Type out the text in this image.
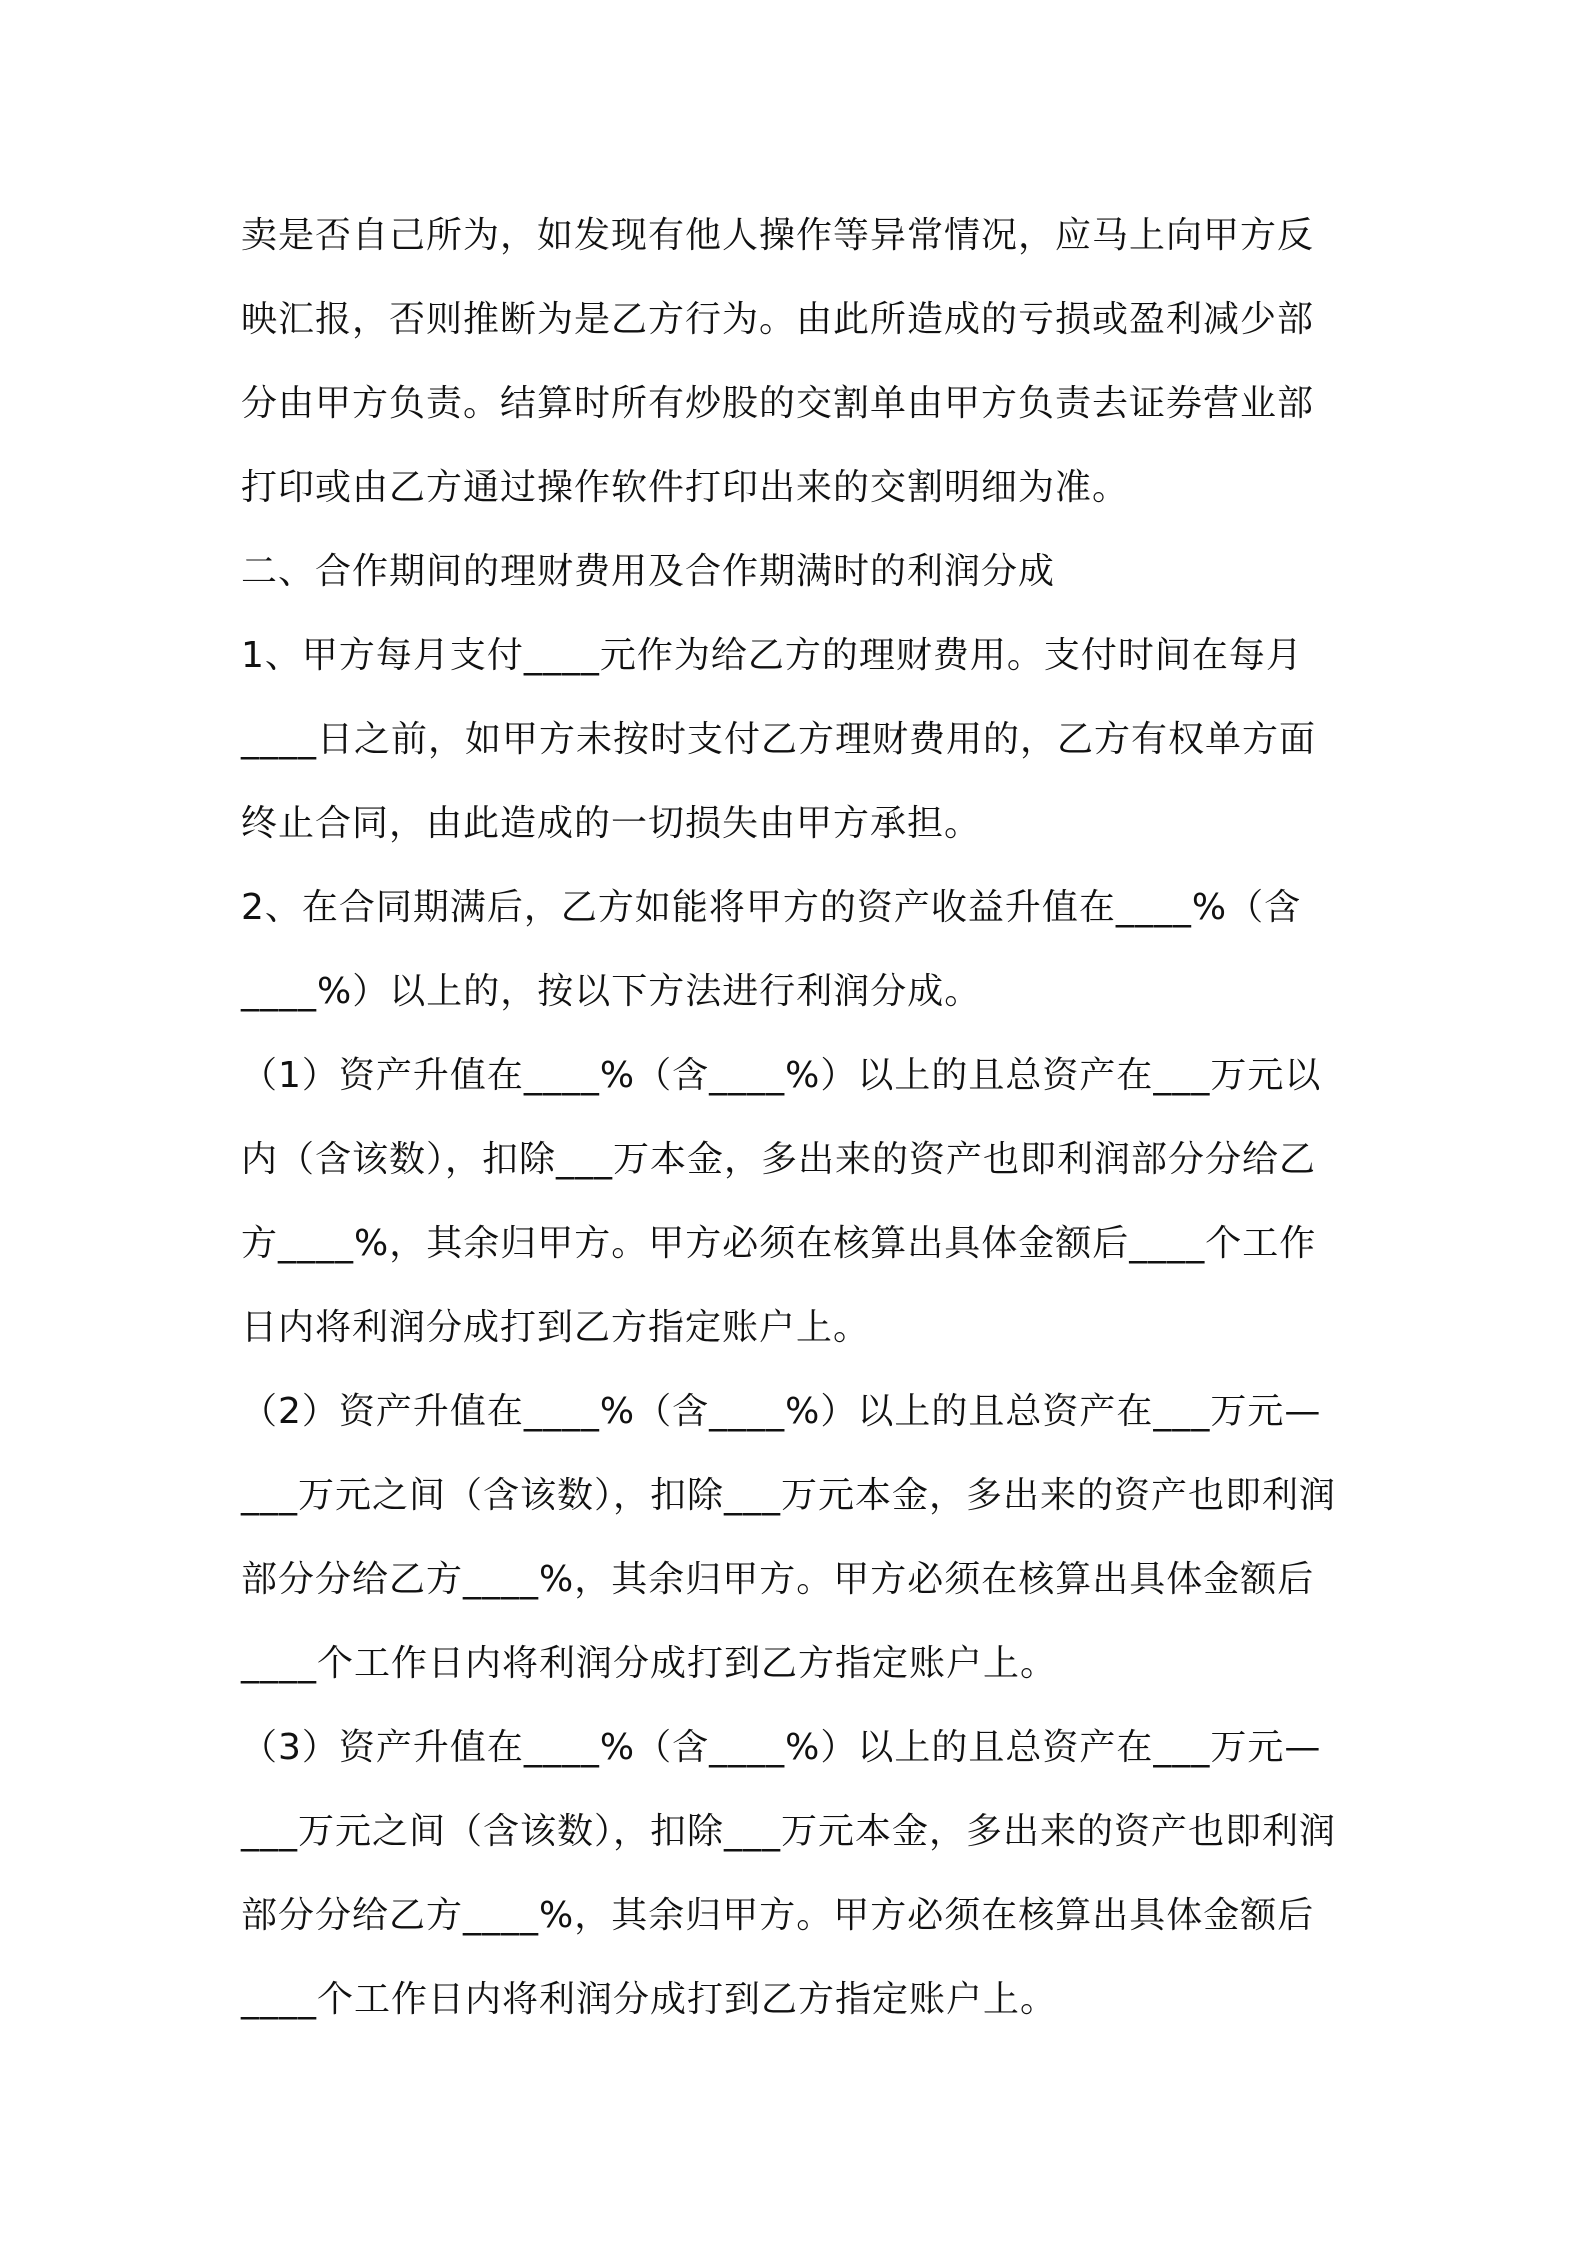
卖是否自己所为，如发现有他人操作等异常情况，应马上向甲方反映汇报，否则推断为是乙方行为。由此所造成的亏损或盈利减少部分由甲方负责。结算时所有炒股的交割单由甲方负责去证券营业部打印或由乙方通过操作软件打印出来的交割明细为准。

二、合作期间的理财费用及合作期满时的利润分成

1、甲方每月支付____元作为给乙方的理财费用。支付时间在每月____日之前，如甲方未按时支付乙方理财费用的，乙方有权单方面终止合同，由此造成的一切损失由甲方承担。

2、在合同期满后，乙方如能将甲方的资产收益升值在____%（含____%）以上的，按以下方法进行利润分成。

（1）资产升值在____%（含____%）以上的且总资产在___万元以内（含该数），扣除___万本金，多出来的资产也即利润部分分给乙方____%，其余归甲方。甲方必须在核算出具体金额后____个工作日内将利润分成打到乙方指定账户上。

（2）资产升值在____%（含____%）以上的且总资产在___万元—___万元之间（含该数），扣除___万元本金，多出来的资产也即利润部分分给乙方____%，其余归甲方。甲方必须在核算出具体金额后____个工作日内将利润分成打到乙方指定账户上。

（3）资产升值在____%（含____%）以上的且总资产在___万元—___万元之间（含该数），扣除___万元本金，多出来的资产也即利润部分分给乙方____%，其余归甲方。甲方必须在核算出具体金额后____个工作日内将利润分成打到乙方指定账户上。
